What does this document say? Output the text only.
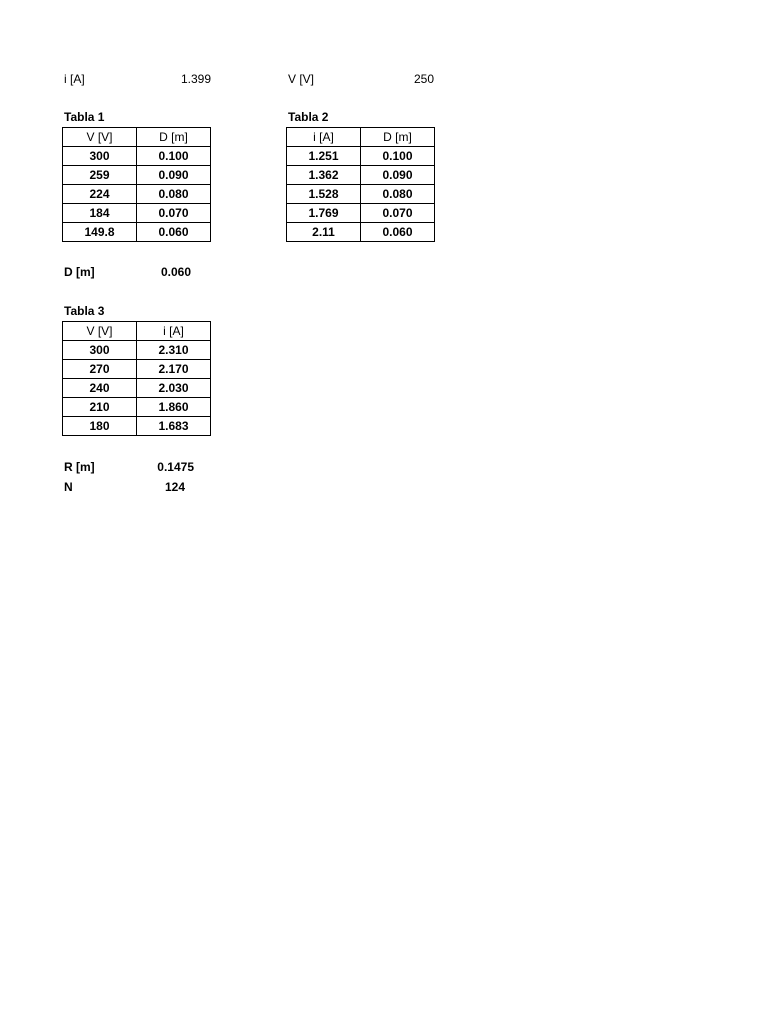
i [A]	1.399	V [V]	250
Tabla 1
V [V]	D [m]
300	0.100
259	0.090
224	0.080
184	0.070
149.8	0.060
Tabla 2
i [A]	D [m]
1.251	0.100
1.362	0.090
1.528	0.080
1.769	0.070
2.11	0.060
D [m]	0.060
Tabla 3
V [V]	i [A]
300	2.310
270	2.170
240	2.030
210	1.860
180	1.683
R [m]	0.1475
N	124
